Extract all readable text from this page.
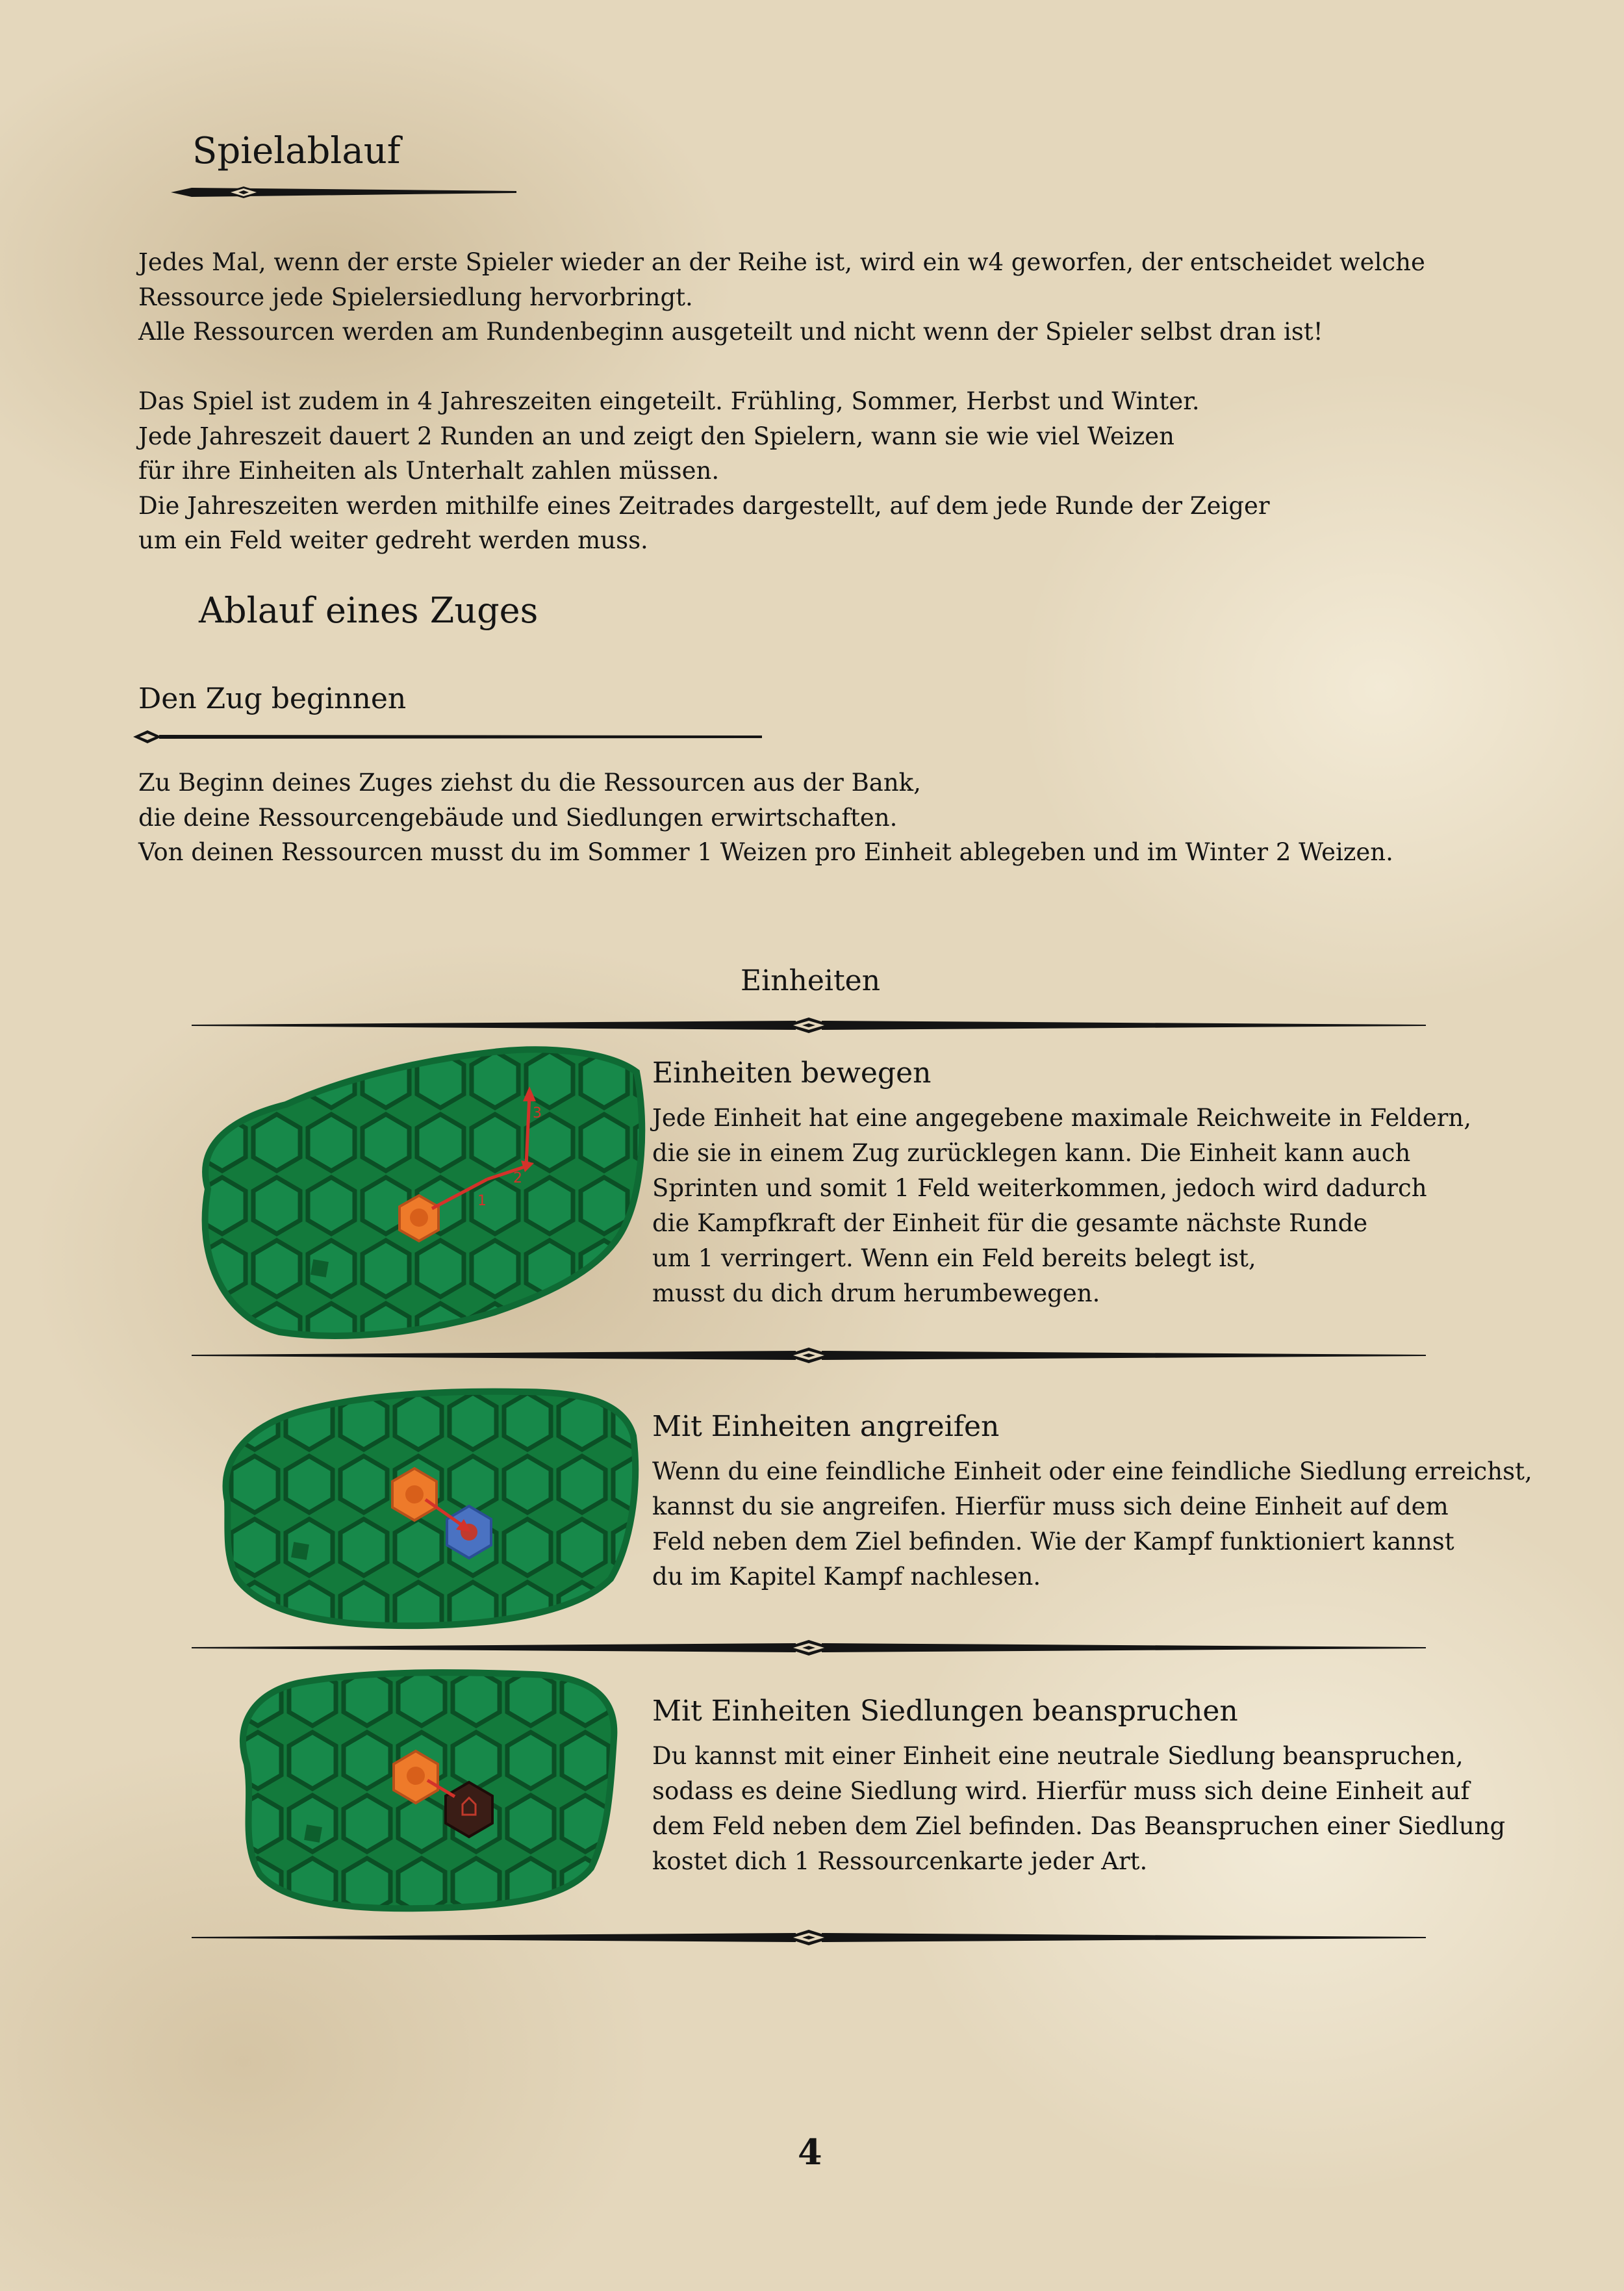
Spielablauf
Jedes Mal, wenn der erste Spieler wieder an der Reihe ist, wird ein w4 geworfen, der entscheidet welche
Ressource jede Spielersiedlung hervorbringt.
Alle Ressourcen werden am Rundenbeginn ausgeteilt und nicht wenn der Spieler selbst dran ist!
Das Spiel ist zudem in 4 Jahreszeiten eingeteilt. Frühling, Sommer, Herbst und Winter.
Jede Jahreszeit dauert 2 Runden an und zeigt den Spielern, wann sie wie viel Weizen
für ihre Einheiten als Unterhalt zahlen müssen.
Die Jahreszeiten werden mithilfe eines Zeitrades dargestellt, auf dem jede Runde der Zeiger
um ein Feld weiter gedreht werden muss.
Ablauf eines Zuges
Den Zug beginnen
Zu Beginn deines Zuges ziehst du die Ressourcen aus der Bank,
die deine Ressourcengebäude und Siedlungen erwirtschaften.
Von deinen Ressourcen musst du im Sommer 1 Weizen pro Einheit ablegeben und im Winter 2 Weizen.
Einheiten
1
2
3
Einheiten bewegen
Jede Einheit hat eine angegebene maximale Reichweite in Feldern,
die sie in einem Zug zurücklegen kann. Die Einheit kann auch
Sprinten und somit 1 Feld weiterkommen, jedoch wird dadurch
die Kampfkraft der Einheit für die gesamte nächste Runde
um 1 verringert. Wenn ein Feld bereits belegt ist,
musst du dich drum herumbewegen.
Mit Einheiten angreifen
Wenn du eine feindliche Einheit oder eine feindliche Siedlung erreichst,
kannst du sie angreifen. Hierfür muss sich deine Einheit auf dem
Feld neben dem Ziel befinden. Wie der Kampf funktioniert kannst
du im Kapitel Kampf nachlesen.
Mit Einheiten Siedlungen beanspruchen
Du kannst mit einer Einheit eine neutrale Siedlung beanspruchen,
sodass es deine Siedlung wird. Hierfür muss sich deine Einheit auf
dem Feld neben dem Ziel befinden. Das Beanspruchen einer Siedlung
kostet dich 1 Ressourcenkarte jeder Art.
4
